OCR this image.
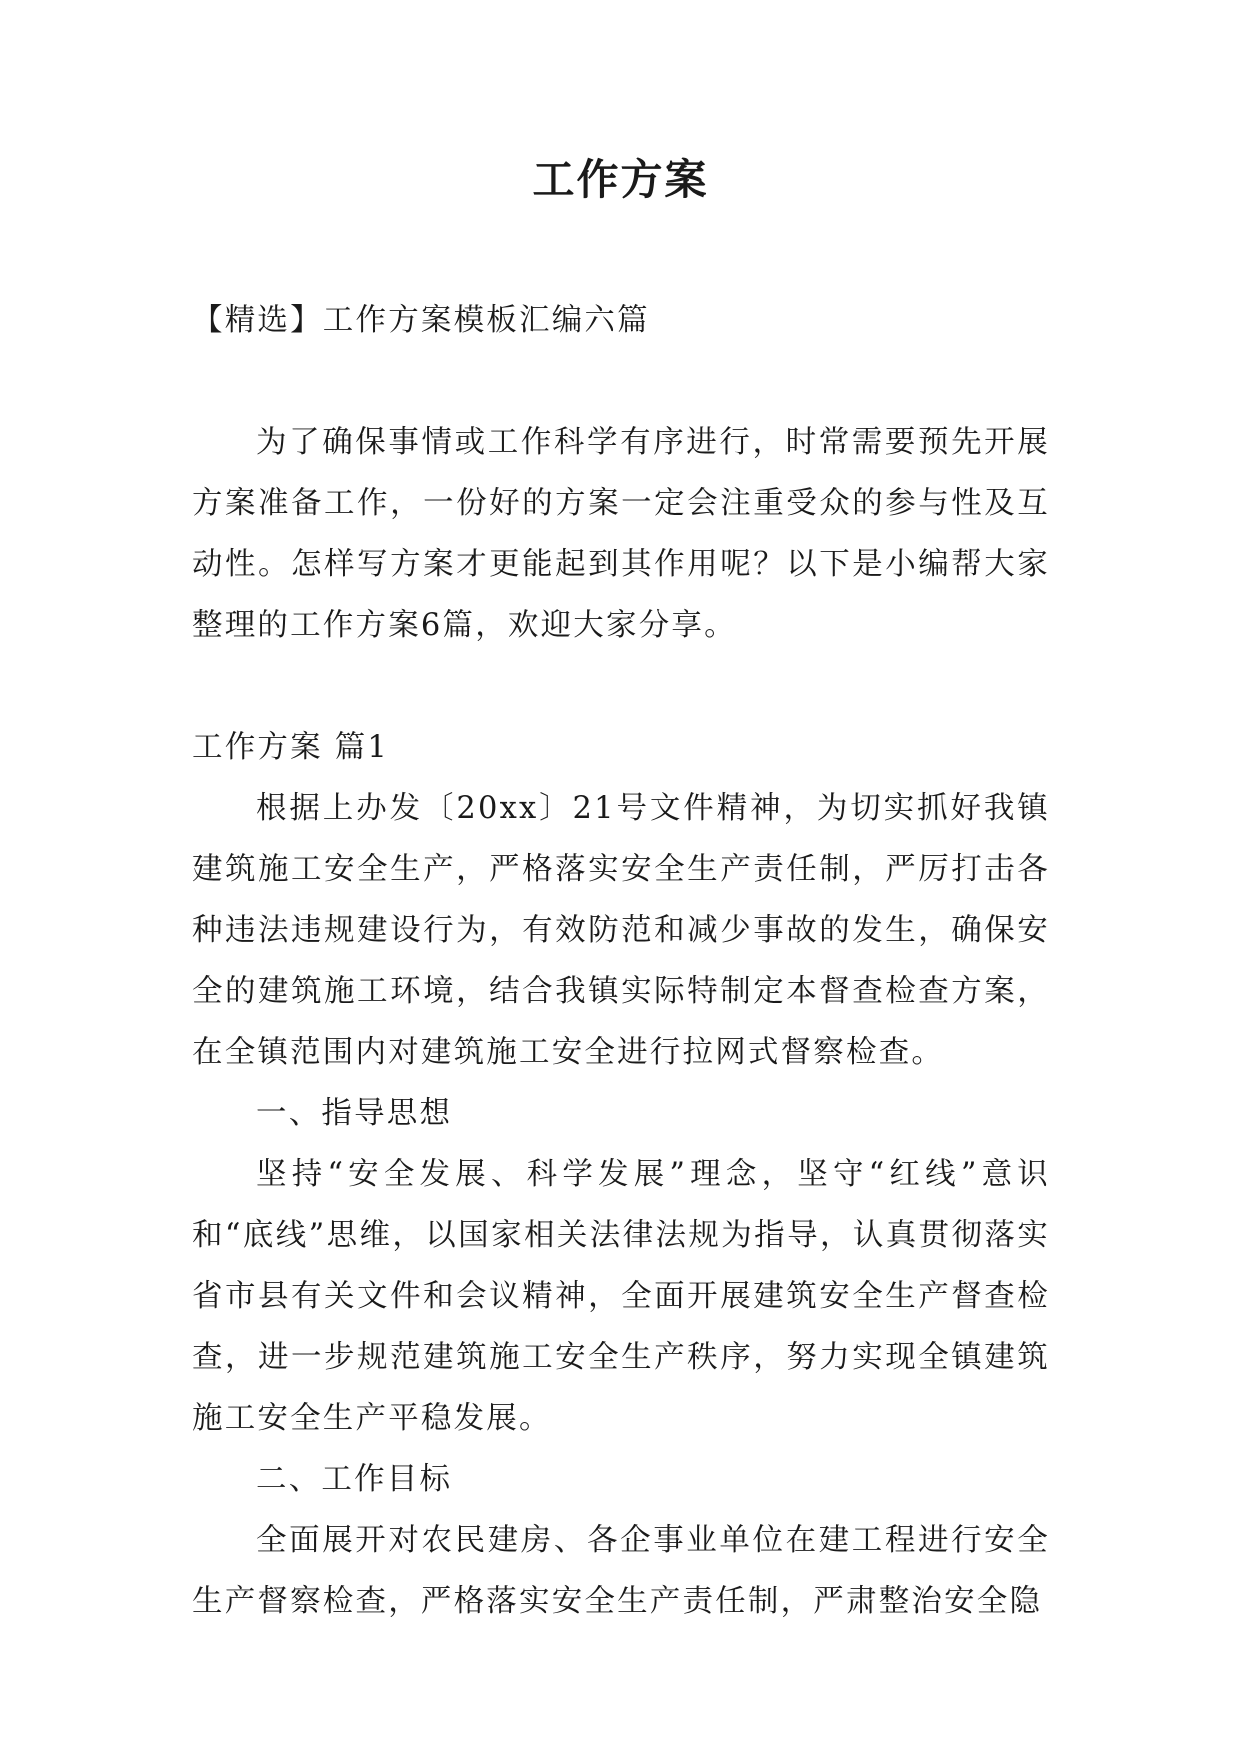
工作方案

【精选】工作方案模板汇编六篇

为了确保事情或工作科学有序进行，时常需要预先开展方案准备工作，一份好的方案一定会注重受众的参与性及互动性。怎样写方案才更能起到其作用呢？以下是小编帮大家整理的工作方案6篇，欢迎大家分享。

工作方案 篇1

根据上办发〔20xx〕21号文件精神，为切实抓好我镇建筑施工安全生产，严格落实安全生产责任制，严厉打击各种违法违规建设行为，有效防范和减少事故的发生，确保安全的建筑施工环境，结合我镇实际特制定本督查检查方案，在全镇范围内对建筑施工安全进行拉网式督察检查。

一、指导思想

坚持“安全发展、科学发展”理念，坚守“红线”意识和“底线”思维，以国家相关法律法规为指导，认真贯彻落实省市县有关文件和会议精神，全面开展建筑安全生产督查检查，进一步规范建筑施工安全生产秩序，努力实现全镇建筑施工安全生产平稳发展。

二、工作目标

全面展开对农民建房、各企事业单位在建工程进行安全生产督察检查，严格落实安全生产责任制，严肃整治安全隐
